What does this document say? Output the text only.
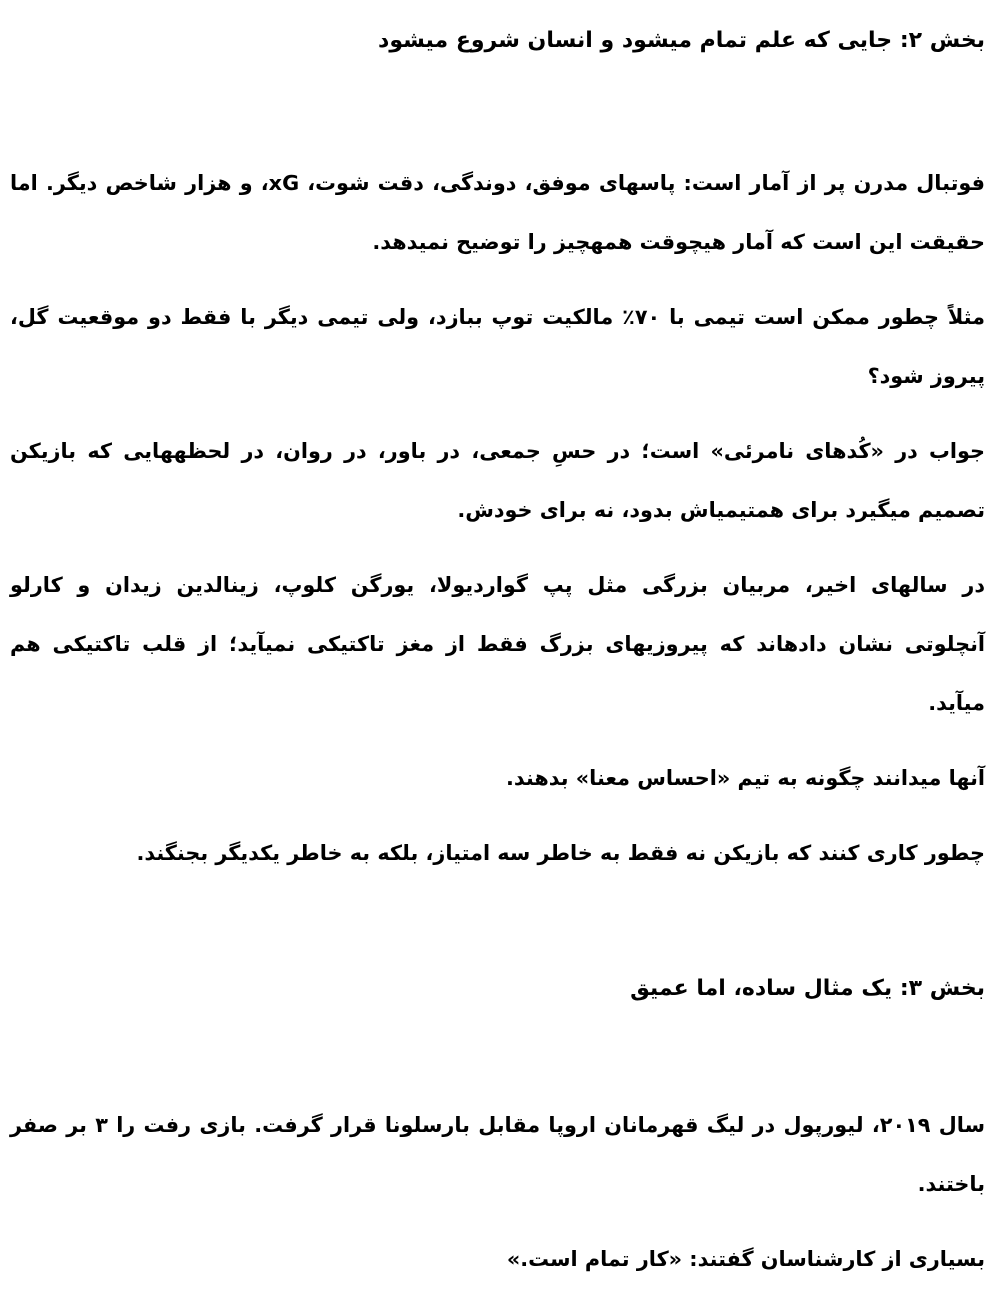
بخش ۲: جایی که علم تمام میشود و انسان شروع میشود
فوتبال مدرن پر از آمار است: پاسهای موفق، دوندگی، دقت شوت، xG، و هزار شاخص دیگر. اما
حقیقت این است که آمار هیچوقت همهچیز را توضیح نمیدهد.
مثلاً چطور ممکن است تیمی با ۷۰٪ مالکیت توپ ببازد، ولی تیمی دیگر با فقط دو موقعیت گل،
پیروز شود؟
جواب در «کُدهای نامرئی» است؛ در حسِ جمعی، در باور، در روان، در لحظههایی که بازیکن
تصمیم میگیرد برای همتیمیاش بدود، نه برای خودش.
در سالهای اخیر، مربیان بزرگی مثل پپ گواردیولا، یورگن کلوپ، زینالدین زیدان و کارلو
آنچلوتی نشان دادهاند که پیروزیهای بزرگ فقط از مغز تاکتیکی نمیآید؛ از قلب تاکتیکی هم
میآید.
آنها میدانند چگونه به تیم «احساس معنا» بدهند.
چطور کاری کنند که بازیکن نه فقط به خاطر سه امتیاز، بلکه به خاطر یکدیگر بجنگند.
بخش ۳: یک مثال ساده، اما عمیق
سال ۲۰۱۹، لیورپول در لیگ قهرمانان اروپا مقابل بارسلونا قرار گرفت. بازی رفت را ۳ بر صفر
باختند.
بسیاری از کارشناسان گفتند: «کار تمام است.»
